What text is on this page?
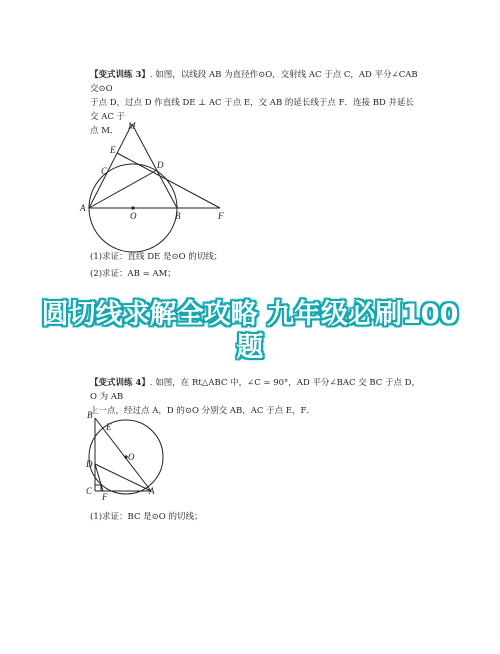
【变式训练 3】. 如图，以线段 AB 为直径作⊙O，交射线 AC 于点 C，AD 平分∠CAB 交⊙O

于点 D，过点 D 作直线 DE ⊥ AC 于点 E，交 AB 的延长线于点 F．连接 BD 并延长交 AC 于

点 M．	M
E
C
D
A
O	B	F

(1)求证：直线 DE 是⊙O 的切线；

(2)求证：AB = AM；

圆切线求解全攻略 九年级必刷100
题

【变式训练 4】. 如图，在 Rt△ABC 中，∠C = 90°，AD 平分∠BAC 交 BC 于点 D，O 为 AB

上一点，经过点 A，D 的⊙O 分别交 AB，AC 于点 E，F．

B
E
O
D
C
F
A

(1)求证：BC 是⊙O 的切线；
